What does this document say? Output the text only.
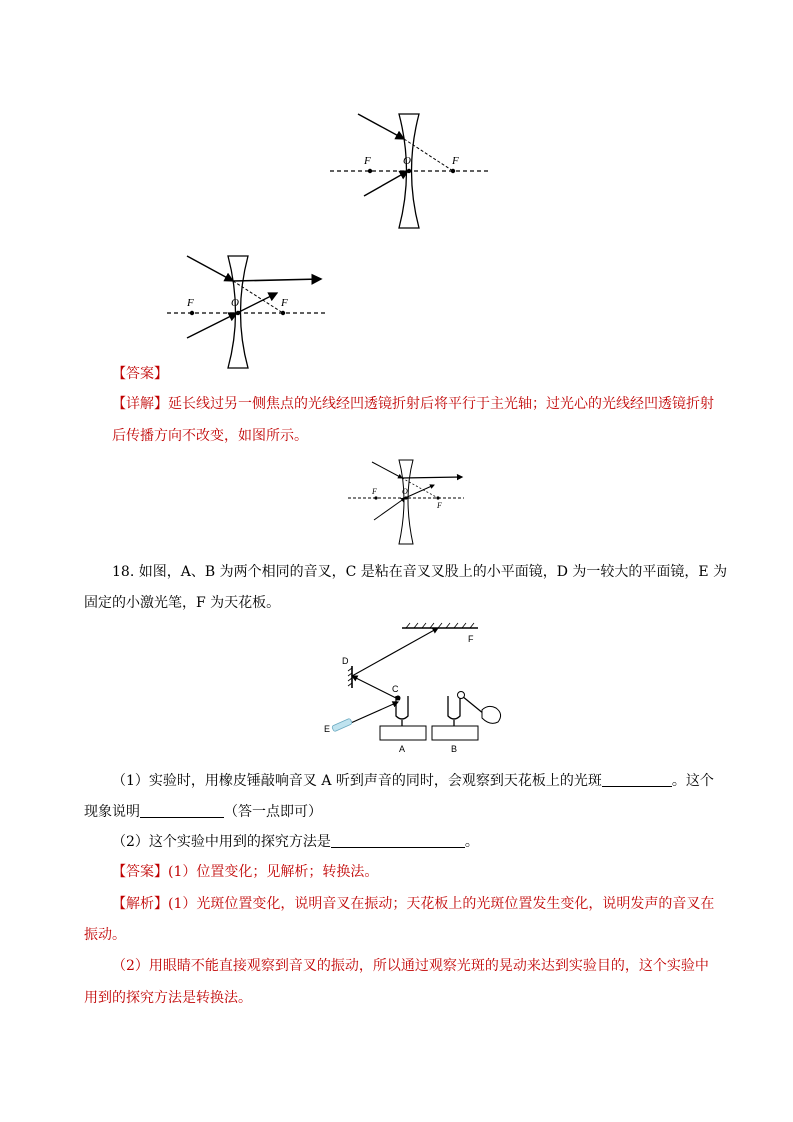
F	O	F
F	O	F
【答案】
【详解】延长线过另一侧焦点的光线经凹透镜折射后将平行于主光轴；过光心的光线经凹透镜折射
后传播方向不改变，如图所示。
F	O
F
18. 如图，A、B 为两个相同的音叉，C 是粘在音叉叉股上的小平面镜，D 为一较大的平面镜，E 为
固定的小激光笔，F 为天花板。
F
D
E
C
A	B
（1）实验时，用橡皮锤敲响音叉 A 听到声音的同时，会观察到天花板上的光斑	。这个
现象说明	（答一点即可）
（2）这个实验中用到的探究方法是	。
【答案】(1）位置变化；见解析；转换法。
【解析】(1）光斑位置变化，说明音叉在振动；天花板上的光斑位置发生变化，说明发声的音叉在
振动。
（2）用眼睛不能直接观察到音叉的振动，所以通过观察光斑的晃动来达到实验目的，这个实验中
用到的探究方法是转换法。
